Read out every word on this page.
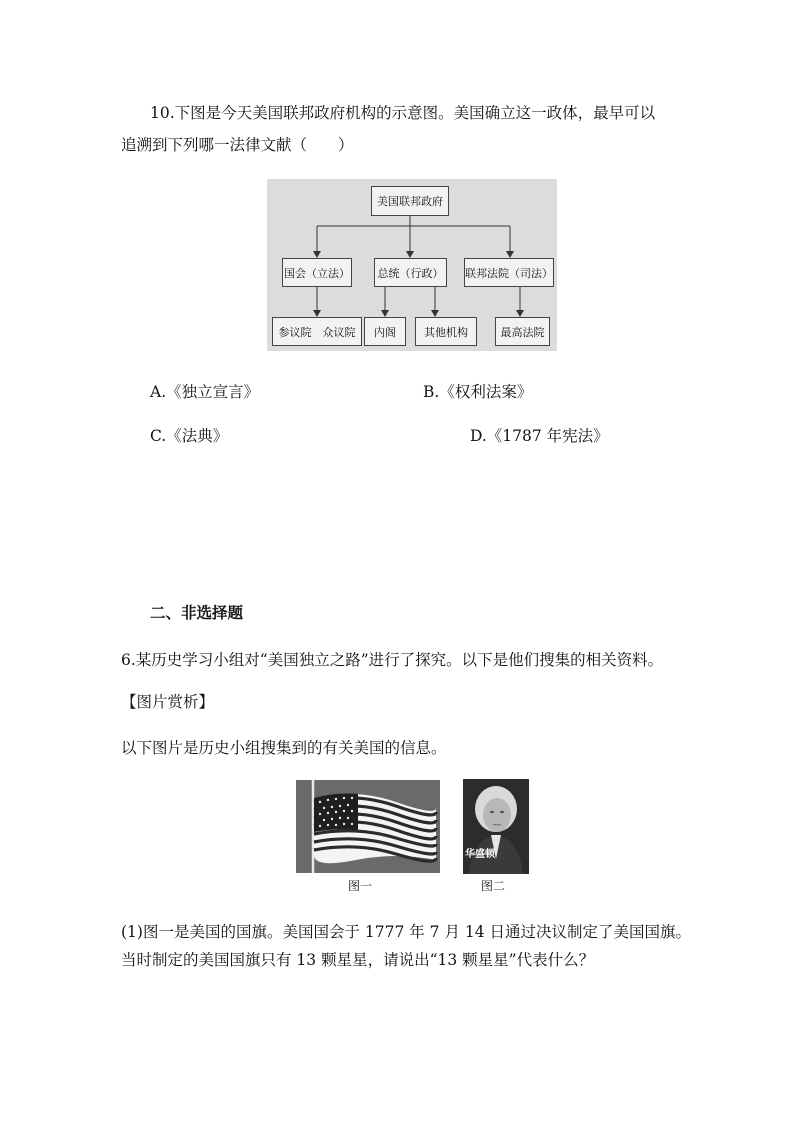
10.下图是今天美国联邦政府机构的示意图。美国确立这一政体，最早可以
追溯到下列哪一法律文献（　　）
美国联邦政府
国会（立法）	总统（行政）	联邦法院（司法）
参议院　众议院	内阁	其他机构	最高法院
A.《独立宣言》	B.《权利法案》
C.《法典》	D.《1787 年宪法》
二、非选择题
6.某历史学习小组对“美国独立之路”进行了探究。以下是他们搜集的相关资料。
【图片赏析】
以下图片是历史小组搜集到的有关美国的信息。
图一
华盛顿
图二
(1)图一是美国的国旗。美国国会于 1777 年 7 月 14 日通过决议制定了美国国旗。
当时制定的美国国旗只有 13 颗星星，请说出“13 颗星星”代表什么？
